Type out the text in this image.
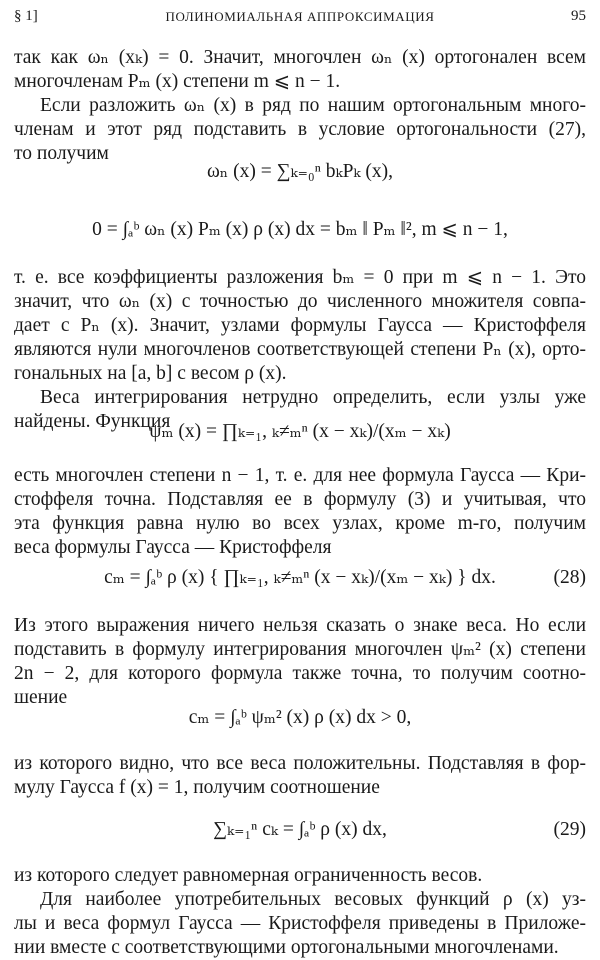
§ 1]	ПОЛИНОМИАЛЬНАЯ АППРОКСИМАЦИЯ	95
так как ωₙ (xₖ) = 0. Значит, многочлен ωₙ (x) ортогонален всем
многочленам Pₘ (x) степени m ⩽ n − 1.
Если разложить ωₙ (x) в ряд по нашим ортогональным много-
членам и этот ряд подставить в условие ортогональности (27),
то получим
ωₙ (x) = ∑ₖ₌₀ⁿ bₖPₖ (x),
0 = ∫ₐᵇ ωₙ (x) Pₘ (x) ρ (x) dx = bₘ ‖ Pₘ ‖², m ⩽ n − 1,
т. е. все коэффициенты разложения bₘ = 0 при m ⩽ n − 1. Это
значит, что ωₙ (x) с точностью до численного множителя совпа-
дает с Pₙ (x). Значит, узлами формулы Гаусса — Кристоффеля
являются нули многочленов соответствующей степени Pₙ (x), орто-
гональных на [a, b] с весом ρ (x).
Веса интегрирования нетрудно определить, если узлы уже
найдены. Функция
ψₘ (x) = ∏ₖ₌₁, ₖ≠ₘⁿ (x − xₖ)/(xₘ − xₖ)
есть многочлен степени n − 1, т. е. для нее формула Гаусса — Кри-
стоффеля точна. Подставляя ее в формулу (3) и учитывая, что
эта функция равна нулю во всех узлах, кроме m-го, получим
веса формулы Гаусса — Кристоффеля
cₘ = ∫ₐᵇ ρ (x) { ∏ₖ₌₁, ₖ≠ₘⁿ (x − xₖ)/(xₘ − xₖ) } dx.	(28)
Из этого выражения ничего нельзя сказать о знаке веса. Но если
подставить в формулу интегрирования многочлен ψₘ² (x) степени
2n − 2, для которого формула также точна, то получим соотно-
шение
cₘ = ∫ₐᵇ ψₘ² (x) ρ (x) dx > 0,
из которого видно, что все веса положительны. Подставляя в фор-
мулу Гаусса f (x) = 1, получим соотношение
∑ₖ₌₁ⁿ cₖ = ∫ₐᵇ ρ (x) dx,	(29)
из которого следует равномерная ограниченность весов.
Для наиболее употребительных весовых функций ρ (x) уз-
лы и веса формул Гаусса — Кристоффеля приведены в Приложе-
нии вместе с соответствующими ортогональными многочленами.
